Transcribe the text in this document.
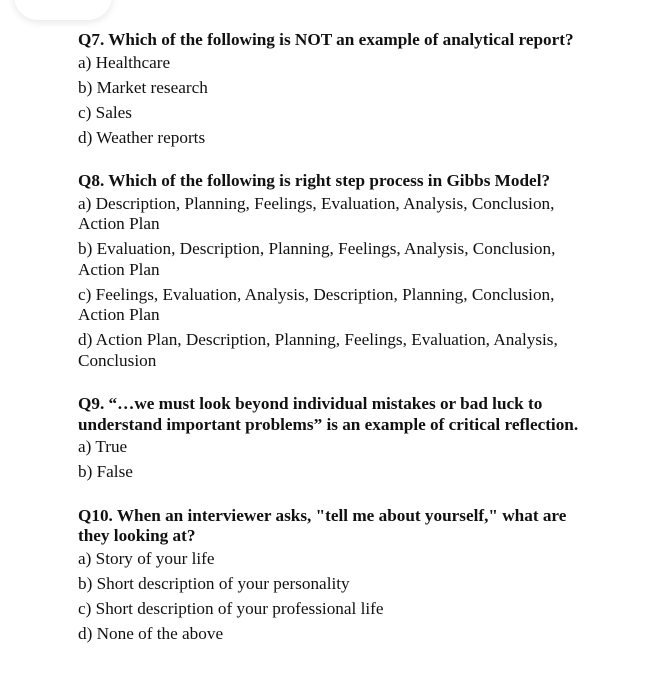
Q7. Which of the following is NOT an example of analytical report?
a) Healthcare
b) Market research
c) Sales
d) Weather reports
Q8. Which of the following is right step process in Gibbs Model?
a) Description, Planning, Feelings, Evaluation, Analysis, Conclusion, Action Plan
b) Evaluation, Description, Planning, Feelings, Analysis, Conclusion, Action Plan
c) Feelings, Evaluation, Analysis, Description, Planning, Conclusion, Action Plan
d) Action Plan, Description, Planning, Feelings, Evaluation, Analysis, Conclusion
Q9. “…we must look beyond individual mistakes or bad luck to understand important problems” is an example of critical reflection.
a) True
b) False
Q10. When an interviewer asks, "tell me about yourself," what are they looking at?
a) Story of your life
b) Short description of your personality
c) Short description of your professional life
d) None of the above
